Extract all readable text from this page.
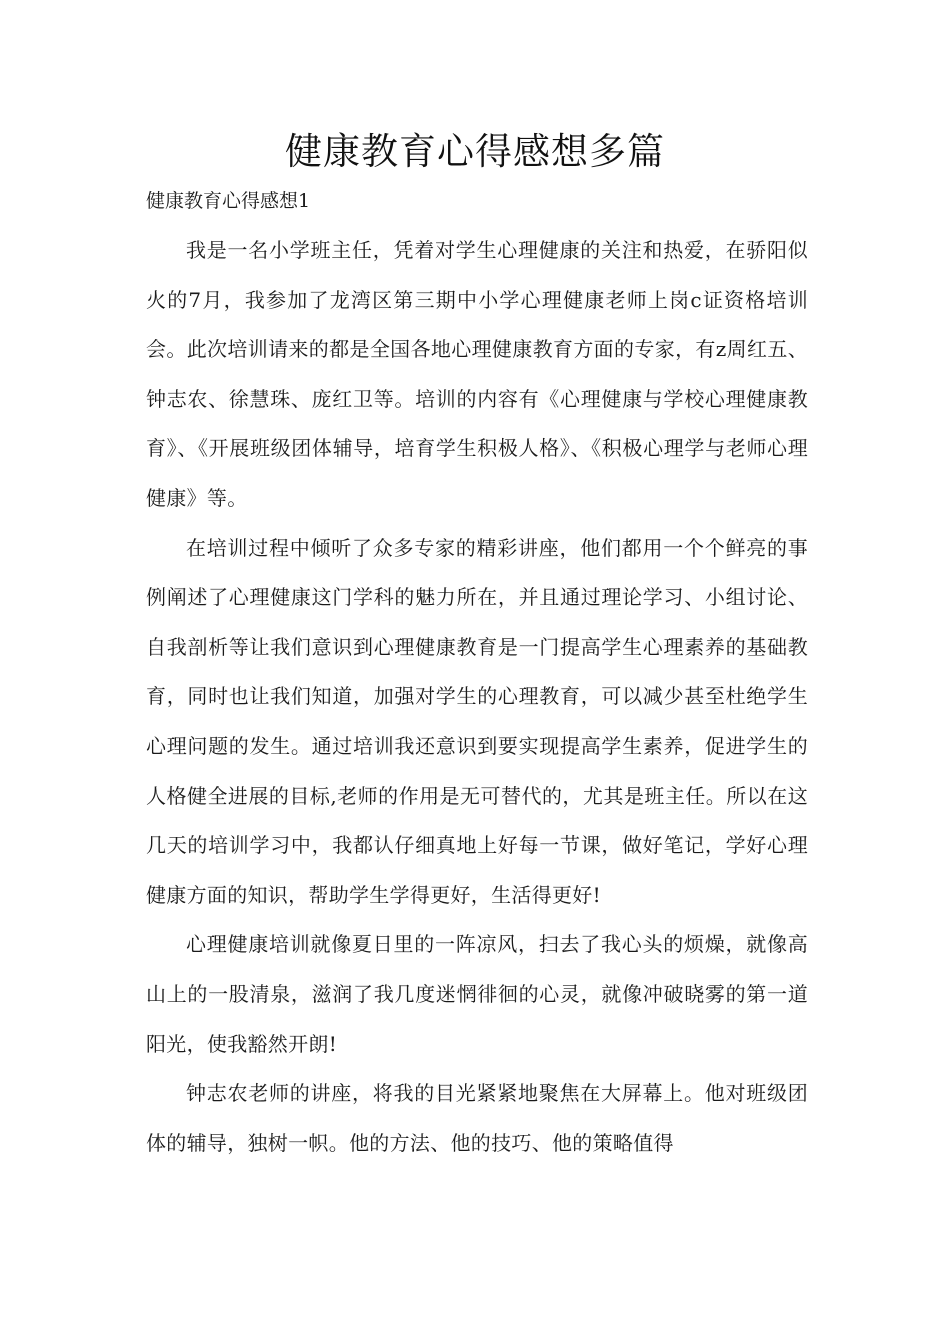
健康教育心得感想多篇
健康教育心得感想1

我是一名小学班主任，凭着对学生心理健康的关注和热爱，在骄阳似火的7月，我参加了龙湾区第三期中小学心理健康老师上岗c证资格培训会。此次培训请来的都是全国各地心理健康教育方面的专家，有z周红五、钟志农、徐慧珠、庞红卫等。培训的内容有《心理健康与学校心理健康教育》、《开展班级团体辅导，培育学生积极人格》、《积极心理学与老师心理健康》等。

在培训过程中倾听了众多专家的精彩讲座，他们都用一个个鲜亮的事例阐述了心理健康这门学科的魅力所在，并且通过理论学习、小组讨论、自我剖析等让我们意识到心理健康教育是一门提高学生心理素养的基础教育，同时也让我们知道，加强对学生的心理教育，可以减少甚至杜绝学生心理问题的发生。通过培训我还意识到要实现提高学生素养，促进学生的人格健全进展的目标,老师的作用是无可替代的，尤其是班主任。所以在这几天的培训学习中，我都认仔细真地上好每一节课，做好笔记，学好心理健康方面的知识，帮助学生学得更好，生活得更好!

心理健康培训就像夏日里的一阵凉风，扫去了我心头的烦燥，就像高山上的一股清泉，滋润了我几度迷惘徘徊的心灵，就像冲破晓雾的第一道阳光，使我豁然开朗!

钟志农老师的讲座，将我的目光紧紧地聚焦在大屏幕上。他对班级团体的辅导，独树一帜。他的方法、他的技巧、他的策略值得
